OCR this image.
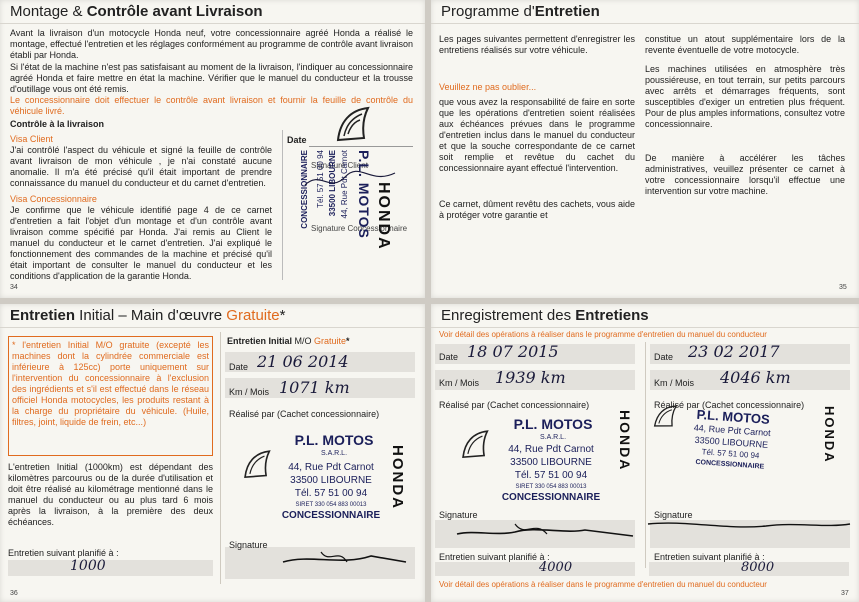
Montage & Contrôle avant Livraison
Avant la livraison d'un motocycle Honda neuf, votre concessionnaire agréé Honda a réalisé le montage, effectué l'entretien et les réglages conformément au programme de contrôle avant livraison établi par Honda.
Si l'état de la machine n'est pas satisfaisant au moment de la livraison, l'indiquer au concessionnaire agréé Honda et faire mettre en état la machine. Vérifier que le manuel du conducteur et la trousse d'outillage vous ont été remis.
Le concessionnaire doit effectuer le contrôle avant livraison et fournir la feuille de contrôle du véhicule livré.
Contrôle à la livraison
Visa Client
J'ai contrôlé l'aspect du véhicule et signé la feuille de contrôle avant livraison de mon véhicule , je n'ai constaté aucune anomalie. Il m'a été précisé qu'il était important de prendre connaissance du manuel du conducteur et du carnet d'entretien.
Visa Concessionnaire
Je confirme que le véhicule identifié page 4 de ce carnet d'entretien a fait l'objet d'un montage et d'un contrôle avant livraison comme spécifié par Honda. J'ai remis au Client le manuel du conducteur et le carnet d'entretien. J'ai expliqué le fonctionnement des commandes de la machine et précisé qu'il était important de consulter le manuel du conducteur et les conditions d'application de la garantie Honda.
Date
Signature Client
Signature Concessionnaire
CONCESSIONNAIRE Tél. 57 51 00 94 33500 LIBOURNE 44, Rue Pdt Carnot P.L. MOTOS HONDA
34
Programme d'Entretien
Les pages suivantes permettent d'enregistrer les entretiens réalisés sur votre véhicule.
Veuillez ne pas oublier...
que vous avez la responsabilité de faire en sorte que les opérations d'entretien soient réalisées aux échéances prévues dans le programme d'entretien inclus dans le manuel du conducteur et que la souche correspondante de ce carnet soit remplie et revêtue du cachet du concessionnaire ayant effectué l'intervention.
Ce carnet, dûment revêtu des cachets, vous aide à protéger votre garantie et
constitue un atout supplémentaire lors de la revente éventuelle de votre motocycle.
Les machines utilisées en atmosphère très poussiéreuse, en tout terrain, sur petits parcours avec arrêts et démarrages fréquents, sont susceptibles d'exiger un entretien plus fréquent. Pour de plus amples informations, consultez votre concessionnaire.
De manière à accélérer les tâches administratives, veuillez présenter ce carnet à votre concessionnaire lorsqu'il effectue une intervention sur votre machine.
35
Entretien Initial – Main d'œuvre Gratuite*
* l'entretien Initial M/O gratuite (excepté les machines dont la cylindrée commerciale est inférieure à 125cc) porte uniquement sur l'intervention du concessionnaire à l'exclusion des ingrédients et s'il est effectué dans le réseau officiel Honda motocycles, les produits restant à la charge du propriétaire du véhicule. (Huile, filtres, joint, liquide de frein, etc...)
L'entretien Initial (1000km) est dépendant des kilomètres parcourus ou de la durée d'utilisation et doit être réalisé au kilométrage mentionné dans le manuel du conducteur ou au plus tard 6 mois après la livraison, à la première des deux échéances.
Entretien suivant planifié à :
1000
Entretien Initial M/O Gratuite*
Date 21 06 2014
Km / Mois 1071 km
Réalisé par (Cachet concessionnaire)
P.L. MOTOS
S.A.R.L.
44, Rue Pdt Carnot
33500 LIBOURNE
Tél. 57 51 00 94
SIRET 330 054 883 00013
CONCESSIONNAIRE
HONDA
Signature
36
Enregistrement des Entretiens
Voir détail des opérations à réaliser dans le programme d'entretien du manuel du conducteur
Date 18 07 2015
Km / Mois 1939 km
Réalisé par (Cachet concessionnaire)
P.L. MOTOS
S.A.R.L.
44, Rue Pdt Carnot
33500 LIBOURNE
Tél. 57 51 00 94
SIRET 330 054 883 00013
CONCESSIONNAIRE
HONDA
Signature
Entretien suivant planifié à :
4000
Date 23 02 2017
Km / Mois 4046 km
Réalisé par (Cachet concessionnaire)
P.L. MOTOS
44, Rue Pdt Carnot
33500 LIBOURNE
Tél. 57 51 00 94
CONCESSIONNAIRE
HONDA
Signature
Entretien suivant planifié à :
8000
Voir détail des opérations à réaliser dans le programme d'entretien du manuel du conducteur
37
